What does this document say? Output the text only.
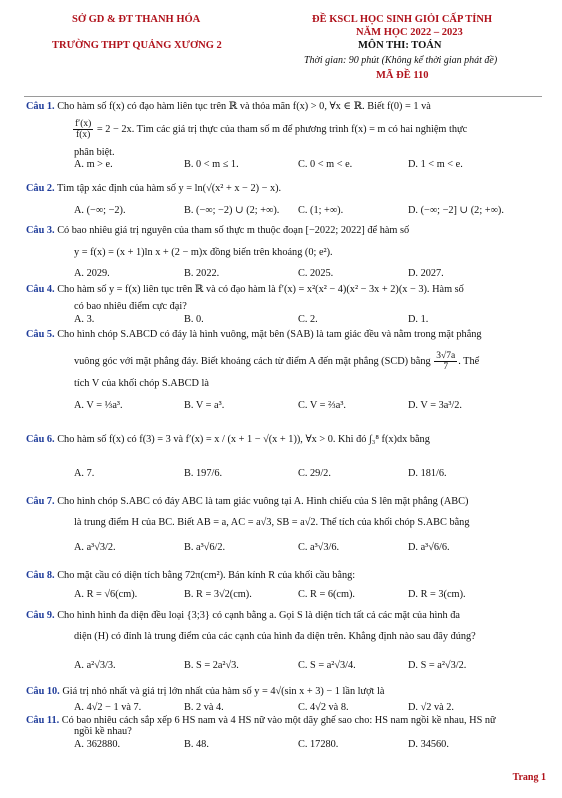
SỞ GD & ĐT THANH HÓA
TRƯỜNG THPT QUẢNG XƯƠNG 2
ĐỀ KSCL HỌC SINH GIỎI CẤP TỈNH
NĂM HỌC 2022 – 2023
MÔN THI: TOÁN
Thời gian: 90 phút (Không kể thời gian phát đề)
MÃ ĐỀ 110
Câu 1. Cho hàm số f(x) có đạo hàm liên tục trên ℝ và thỏa mãn f(x) > 0, ∀x ∈ ℝ. Biết f(0) = 1 và
$\frac{f'(x)}{f(x)} = 2 - 2x$. Tìm các giá trị thực của tham số m để phương trình f(x) = m có hai nghiệm thực
phân biệt.
A. m > e.	B. 0 < m ≤ 1.	C. 0 < m < e.	D. 1 < m < e.
Câu 2. Tìm tập xác định của hàm số y = ln(√(x² + x − 2) − x).
A. (−∞; −2).	B. (−∞; −2) ∪ (2; +∞). C. (1; +∞).	D. (−∞; −2] ∪ (2; +∞).
Câu 3. Có bao nhiêu giá trị nguyên của tham số thực m thuộc đoạn [−2022; 2022] để hàm số
y = f(x) = (x + 1)ln x + (2 − m)x đồng biến trên khoảng (0; e²).
A. 2029.	B. 2022.	C. 2025.	D. 2027.
Câu 4. Cho hàm số y = f(x) liên tục trên ℝ và có đạo hàm là f′(x) = x²(x² − 4)(x² − 3x + 2)(x − 3). Hàm số
có bao nhiêu điểm cực đại?
A. 3.	B. 0.	C. 2.	D. 1.
Câu 5. Cho hình chóp S.ABCD có đáy là hình vuông, mặt bên (SAB) là tam giác đều và nằm trong mặt phẳng
vuông góc với mặt phẳng đáy. Biết khoảng cách từ điểm A đến mặt phẳng (SCD) bằng $\frac{3√7a}{7}$ . Thể
tích V của khối chóp S.ABCD là
A. V = ⅓a³.	B. V = a³.	C. V = ⅔a³.	D. V = 3a³/2.
Câu 6. Cho hàm số f(x) có f(3) = 3 và f′(x) = x / (x + 1 − √(x + 1)), ∀x > 0. Khi đó ∫₃⁸ f(x)dx bằng
A. 7.	B. 197/6.	C. 29/2.	D. 181/6.
Câu 7. Cho hình chóp S.ABC có đáy ABC là tam giác vuông tại A. Hình chiếu của S lên mặt phẳng (ABC)
là trung điểm H của BC. Biết AB = a, AC = a√3, SB = a√2. Thể tích của khối chóp S.ABC bằng
A. a³√3/2.	B. a³√6/2.	C. a³√3/6.	D. a³√6/6.
Câu 8. Cho mặt cầu có diện tích bằng 72π(cm²). Bán kính R của khối cầu bằng:
A. R = √6(cm).	B. R = 3√2(cm).	C. R = 6(cm).	D. R = 3(cm).
Câu 9. Cho hình hình đa diện đều loại {3;3} có cạnh bằng a. Gọi S là diện tích tất cả các mặt của hình đa
diện (H) có đỉnh là trung điểm của các cạnh của hình đa diện trên. Khẳng định nào sau đây đúng?
A. a²√3/3.	B. S = 2a²√3.	C. S = a²√3/4.	D. S = a²√3/2.
Câu 10. Giá trị nhỏ nhất và giá trị lớn nhất của hàm số y = 4√(sin x + 3) − 1 lần lượt là
A. 4√2 − 1 và 7.	B. 2 và 4.	C. 4√2 và 8.	D. √2 và 2.
Câu 11. Có bao nhiêu cách sắp xếp 6 HS nam và 4 HS nữ vào một dãy ghế sao cho: HS nam ngồi kề nhau, HS nữ
ngồi kề nhau?
A. 362880.	B. 48.	C. 17280.	D. 34560.
Trang 1
